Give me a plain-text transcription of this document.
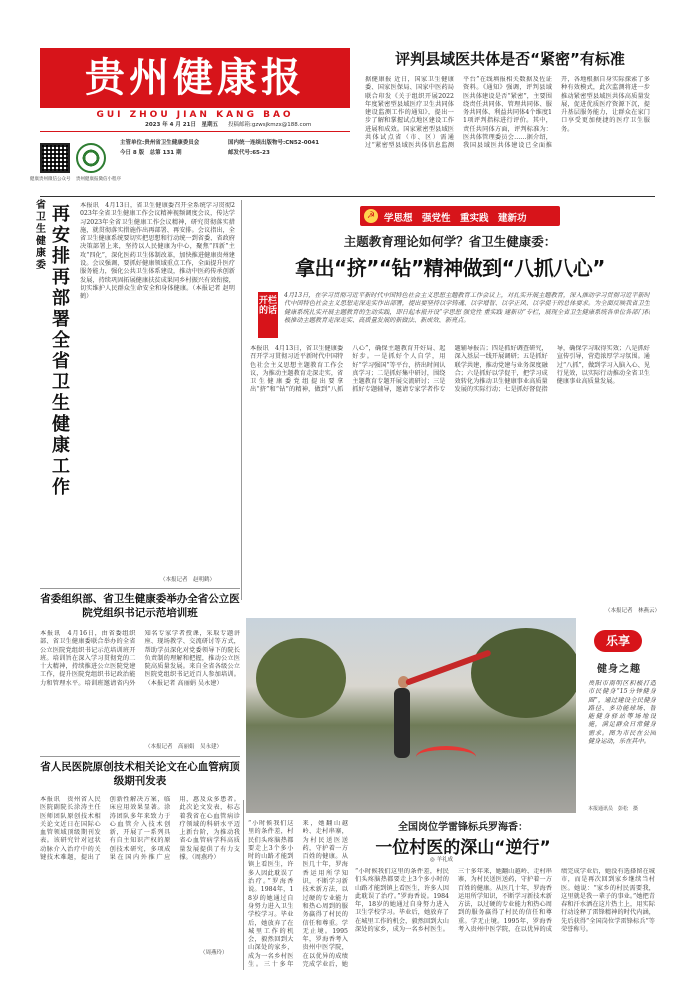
贵州健康报
GUI ZHOU JIAN KANG BAO
2023 年 4 月 21日　星期五 投稿邮箱:gzwsjkmzx@188.com
健康贵州微信公众号 贵州健康报微信小程序
主管单位:贵州省卫生健康委员会
今日 8 版　总第 131 期
国内统一连续出版物号:CN52-0041
邮发代号:65-23
评判县域医共体是否“紧密”有标准
据健康报 近日，国家卫生健康委、国家医保局、国家中医药局联合印发《关于组织开展2022年度紧密型县域医疗卫生共同体建设监测工作的通知》，提出一步了解和掌握试点地区建设工作进展和成效。国家紧密型县域医共体试点省（市、区）需通过“紧密型县域医共体信息监测平台”在线填报相关数据及佐证资料。《通知》强调，评判县域医共体建设是否“紧密”，主要围绕责任共同体、管理共同体、服务共同体、利益共同体4个维度11项评判指标进行评价。其中，责任共同体方面，评判标准为：医共体管理委员会……据介绍，我国县域医共体建设已全面推开，各地根据自身实际探索了多种有效模式，此次监测将进一步推动紧密型县域医共体高质量发展，促进优质医疗资源下沉，提升基层服务能力，让群众在家门口享受更加便捷的医疗卫生服务。
省卫生健康委
再安排再部署全省卫生健康工作
本报讯　4月13日，省卫生健康委召开全系统学习贯彻2023年全省卫生健康工作会议精神视频调度会议，传达学习2023年全省卫生健康工作会议精神，研究贯彻落实措施，就贯彻落实措施作出再部署、再安排。会议指出，全省卫生健康系统要切实把思想和行动统一到省委、省政府决策部署上来，坚持以人民健康为中心，聚焦“四新”主攻“四化”，深化医药卫生体制改革，加快推进健康贵州建设。会议强调，要抓好健康领域重点工作，全面提升医疗服务能力，强化公共卫生体系建设，推动中医药传承创新发展，持续巩固拓展健康扶贫成果同乡村振兴有效衔接，切实维护人民群众生命安全和身体健康。（本报记者 赵明鹤）
（本报记者　赵明鹤）
☭ 学思想　强党性　重实践　建新功
主题教育理论如何学？省卫生健康委：
拿出“挤”“钻”精神做到“八抓八心”
开栏的话
4月13日，在学习贯彻习近平新时代中国特色社会主义思想主题教育工作会议上，对扎实开展主题教育，深入推动学习贯彻习近平新时代中国特色社会主义思想走深走实作出部署，提出要坚持以学铸魂、以学增智、以学正风、以学促干的总体要求。为全面反映我省卫生健康系统扎实开展主题教育的生动实践，即日起本报开设“学思想 强党性 重实践 建新功”专栏，展现全省卫生健康系统各单位各部门积极推动主题教育走深走实、高质量发展的新做法、新成效、新亮点。
本报讯　4月13日，省卫生健康委召开学习贯彻习近平新时代中国特色社会主义思想主题教育工作会议，为推动主题教育走深走实，省卫生健康委党组提出要拿出“挤”和“钻”的精神，做到“八抓八心”，确保主题教育开好局、起好步。一是抓好个人自学，用好“学习强国”等平台，挤出时间认真学习；二是抓好集中研讨，围绕主题教育专题开展交流研讨；三是抓好专题辅导，邀请专家学者作专题辅导报告；四是抓好调查研究，深入基层一线开展调研；五是抓好联学共建，推动党建与业务深度融合；六是抓好以学促干，把学习成效转化为推动卫生健康事业高质量发展的实际行动；七是抓好督促指导，确保学习取得实效；八是抓好宣传引导，营造浓厚学习氛围。通过“八抓”，做到学习入脑入心、见行见效，以实际行动推动全省卫生健康事业高质量发展。
（本报记者　林燕云）
省委组织部、省卫生健康委举办全省公立医院党组织书记示范培训班
本报讯　4月16日，由省委组织部、省卫生健康委联合举办的全省公立医院党组织书记示范培训班开班。培训旨在深入学习贯彻党的二十大精神，持续推进公立医院党建工作，提升医院党组织书记政治能力和管理水平。培训班邀请省内外知名专家学者授课，采取专题讲座、现场教学、交流研讨等方式，帮助学员深化对党委领导下的院长负责制的理解和把握，推动公立医院高质量发展。来自全省各级公立医院党组织书记近百人参加培训。（本报记者 高丽娟 吴永建）
（本报记者　高丽娟　吴永建）
乐享
健身之趣
贵阳市南明区积极打造市民健身“15分钟健身圈”，通过建设全民健身路径、多功能球场、智能健身驿站等场地设施，满足群众日常健身需求。图为市民在公园健身运动，乐在其中。
本报通讯员　彭松　摄
省人民医院原创技术相关论文在心血管病顶级期刊发表
本报讯　贵州省人民医院副院长涂涛主任医师团队原创技术相关论文近日在国际心血管领域顶级期刊发表。该研究针对冠状动脉介入治疗中的关键技术难题，提出了创新性解决方案，临床应用效果显著。涂涛团队多年来致力于心血管介入技术创新，开展了一系列具有自主知识产权的原创技术研究，多项成果在国内外推广应用，惠及众多患者。此次论文发表，标志着我省在心血管病诊疗领域的科研水平迈上新台阶，为推动我省心血管病学科高质量发展提供了有力支撑。（周燕玲）
（周燕玲）
“小时候我们这里的条件差，村民们头疼脑热都要走上3个多小时的山路才能到镇上看医生，许多人因此耽误了治疗。”罗海香说。1984年，18岁的她通过自身努力进入卫生学校学习。毕业后，她放弃了在城里工作的机会，毅然回到大山深处的家乡，成为一名乡村医生。三十多年来，她翻山越岭、走村串寨，为村民送医送药，守护着一方百姓的健康。从医几十年，罗海香运用所学知识，不断学习新技术新方法，以过硬的专业能力和热心周到的服务赢得了村民的信任和尊重。学无止境。1995年，罗海香考入贵州中医学院，在以优异的成绩完成学业后，她
全国岗位学雷锋标兵罗海香：
一位村医的深山“逆行”
◎ 羊礼成
“小时候我们这里的条件差，村民们头疼脑热都要走上3个多小时的山路才能到镇上看医生，许多人因此耽误了治疗。”罗海香说。1984年，18岁的她通过自身努力进入卫生学校学习。毕业后，她放弃了在城里工作的机会，毅然回到大山深处的家乡，成为一名乡村医生。三十多年来，她翻山越岭、走村串寨，为村民送医送药，守护着一方百姓的健康。从医几十年，罗海香运用所学知识，不断学习新技术新方法，以过硬的专业能力和热心周到的服务赢得了村民的信任和尊重。学无止境。1995年，罗海香考入贵州中医学院，在以优异的成绩完成学业后，她没有选择留在城市，而是再次回到家乡继续当村医。她说：“家乡的村民需要我，这里就是我一辈子的事业。”她把青春和汗水洒在这片热土上，用实际行动诠释了雷锋精神的时代内涵，先后获得“全国岗位学雷锋标兵”等荣誉称号。
